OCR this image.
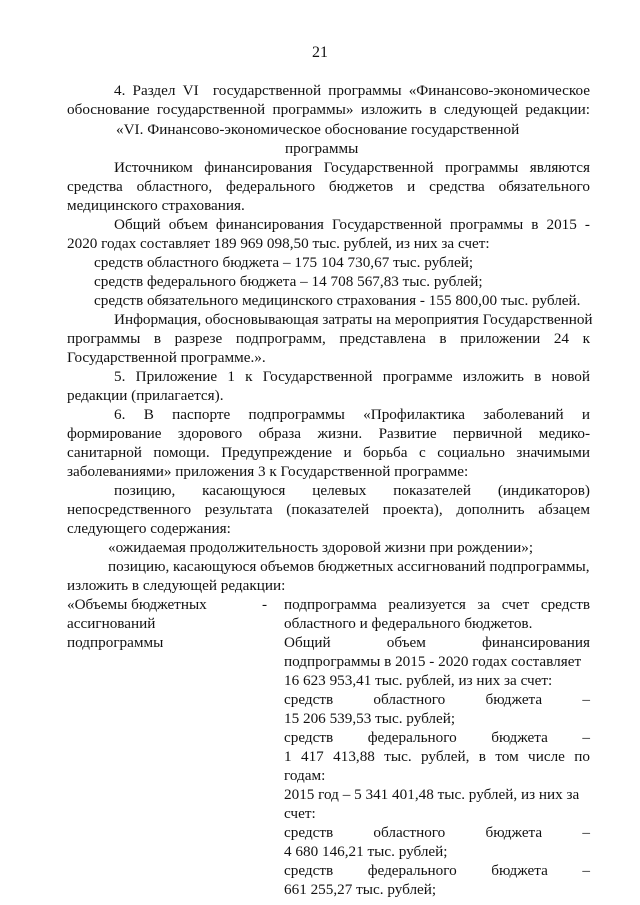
21
4. Раздел VI  государственной программы «Финансово-экономическое
обоснование государственной программы» изложить в следующей редакции:
«VI. Финансово-экономическое обоснование государственной
программы
Источником финансирования Государственной программы являются
средства областного, федерального бюджетов и средства обязательного
медицинского страхования.
Общий объем финансирования Государственной программы в 2015 -
2020 годах составляет 189 969 098,50 тыс. рублей, из них за счет:
средств областного бюджета – 175 104 730,67 тыс. рублей;
средств федерального бюджета – 14 708 567,83 тыс. рублей;
средств обязательного медицинского страхования - 155 800,00 тыс. рублей.
Информация, обосновывающая затраты на мероприятия Государственной
программы в разрезе подпрограмм, представлена в приложении 24 к
Государственной программе.».
5. Приложение 1 к Государственной программе изложить в новой
редакции (прилагается).
6. В паспорте подпрограммы «Профилактика заболеваний и
формирование здорового образа жизни. Развитие первичной медико-
санитарной помощи. Предупреждение и борьба с социально значимыми
заболеваниями» приложения 3 к Государственной программе:
позицию, касающуюся целевых показателей (индикаторов)
непосредственного результата (показателей проекта), дополнить абзацем
следующего содержания:
«ожидаемая продолжительность здоровой жизни при рождении»;
позицию, касающуюся объемов бюджетных ассигнований подпрограммы,
изложить в следующей редакции:
«Объемы бюджетных
ассигнований
подпрограммы
- подпрограмма реализуется за счет средств
областного и федерального бюджетов.
Общий объем финансирования
подпрограммы в 2015 - 2020 годах составляет
16 623 953,41 тыс. рублей, из них за счет:
средств областного бюджета –
15 206 539,53 тыс. рублей;
средств федерального бюджета –
1 417 413,88 тыс. рублей, в том числе по
годам:
2015 год – 5 341 401,48 тыс. рублей, из них за
счет:
средств областного бюджета –
4 680 146,21 тыс. рублей;
средств федерального бюджета –
661 255,27 тыс. рублей;
